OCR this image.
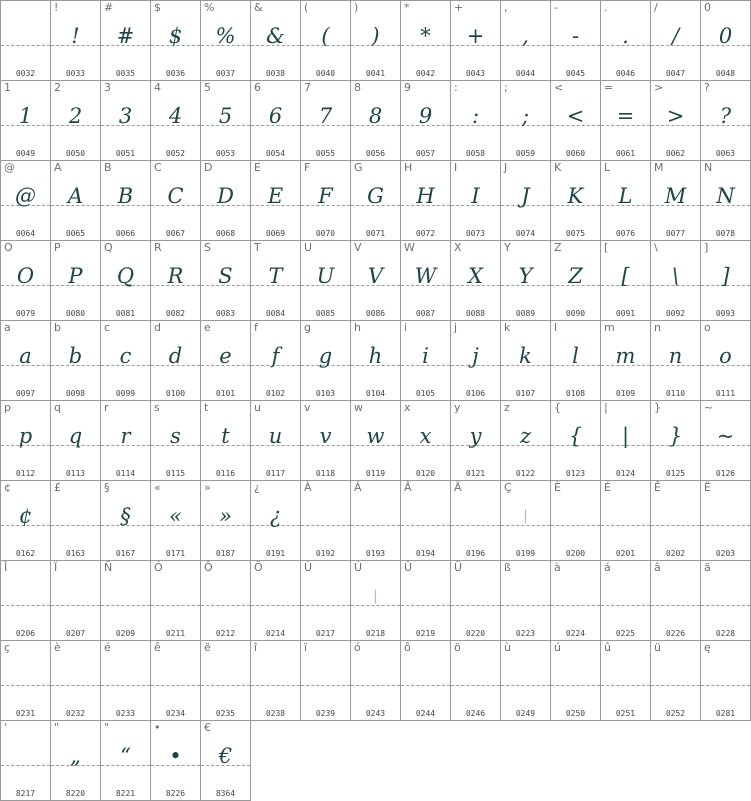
0032
!
!
0033
#
#
0035
$
$
0036
%
%
0037
&
&
0038
(
(
0040
)
)
0041
*
*
0042
+
+
0043
,
,
0044
-
-
0045
.
.
0046
/
/
0047
0
0
0048
1
1
0049
2
2
0050
3
3
0051
4
4
0052
5
5
0053
6
6
0054
7
7
0055
8
8
0056
9
9
0057
:
:
0058
;
;
0059
<
<
0060
=
=
0061
>
>
0062
?
?
0063
@
@
0064
A
A
0065
B
B
0066
C
C
0067
D
D
0068
E
E
0069
F
F
0070
G
G
0071
H
H
0072
I
I
0073
J
J
0074
K
K
0075
L
L
0076
M
M
0077
N
N
0078
O
O
0079
P
P
0080
Q
Q
0081
R
R
0082
S
S
0083
T
T
0084
U
U
0085
V
V
0086
W
W
0087
X
X
0088
Y
Y
0089
Z
Z
0090
[
[
0091
\
\
0092
]
]
0093
a
a
0097
b
b
0098
c
c
0099
d
d
0100
e
e
0101
f
f
0102
g
g
0103
h
h
0104
i
i
0105
j
j
0106
k
k
0107
l
l
0108
m
m
0109
n
n
0110
o
o
0111
p
p
0112
q
q
0113
r
r
0114
s
s
0115
t
t
0116
u
u
0117
v
v
0118
w
w
0119
x
x
0120
y
y
0121
z
z
0122
{
{
0123
|
|
0124
}
}
0125
~
~
0126
¢
¢
0162
£
0163
§
§
0167
«
«
0171
»
»
0187
¿
¿
0191
À
0192
Á
0193
Â
0194
Ä
0196
Ç
|
0199
È
0200
É
0201
Ê
0202
Ë
0203
Î
0206
Ï
0207
Ñ
0209
Ó
0211
Ô
0212
Ö
0214
Ù
0217
Ú
|
0218
Û
0219
Ü
0220
ß
0223
à
0224
á
0225
â
0226
ä
0228
ç
0231
è
0232
é
0233
ê
0234
ë
0235
î
0238
ï
0239
ó
0243
ô
0244
ö
0246
ù
0249
ú
0250
û
0251
ü
0252
ę
0281
‘
8217
"
„
8220
"
“
8221
•
•
8226
€
€
8364
